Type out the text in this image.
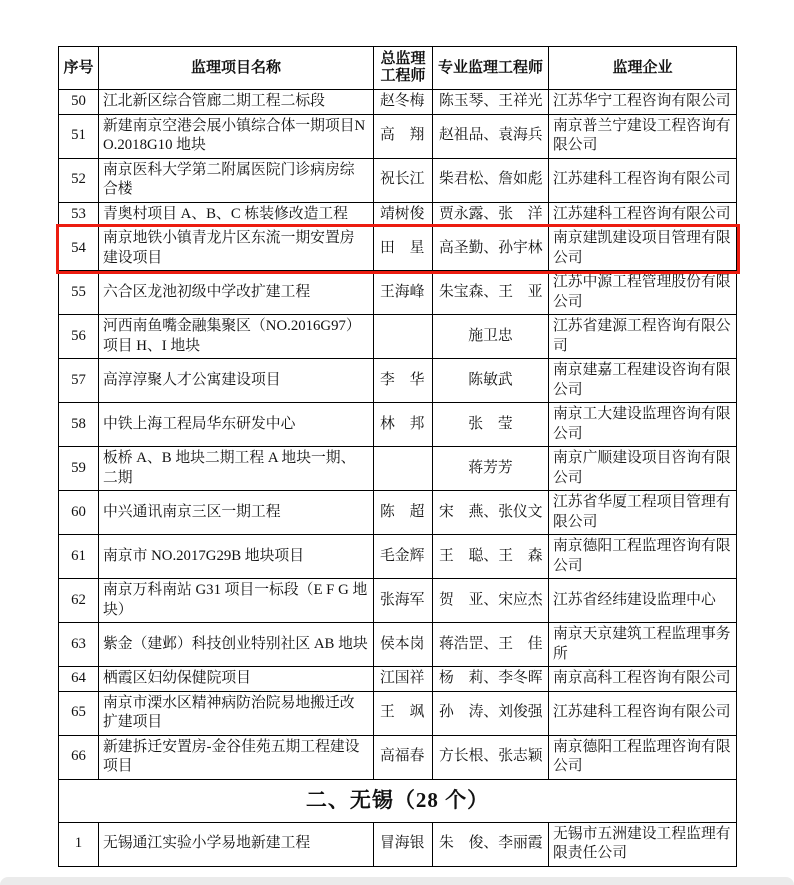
序号	监理项目名称	总监理工程师	专业监理工程师	监理企业
50	江北新区综合管廊二期工程二标段	赵冬梅	陈玉琴、王祥光	江苏华宁工程咨询有限公司
51	新建南京空港会展小镇综合体一期项目NO.2018G10 地块	高　翔	赵祖品、袁海兵	南京普兰宁建设工程咨询有限公司
52	南京医科大学第二附属医院门诊病房综合楼	祝长江	柴君松、詹如彪	江苏建科工程咨询有限公司
53	青奥村项目 A、B、C 栋装修改造工程	靖树俊	贾永露、张　洋	江苏建科工程咨询有限公司
54	南京地铁小镇青龙片区东流一期安置房建设项目	田　星	高圣勤、孙宇林	南京建凯建设项目管理有限公司
55	六合区龙池初级中学改扩建工程	王海峰	朱宝森、王　亚	江苏中源工程管理股份有限公司
56	河西南鱼嘴金融集聚区（NO.2016G97）项目 H、I 地块		施卫忠	江苏省建源工程咨询有限公司
57	高淳淳聚人才公寓建设项目	李　华	陈敏武	南京建嘉工程建设咨询有限公司
58	中铁上海工程局华东研发中心	林　邦	张　莹	南京工大建设监理咨询有限公司
59	板桥 A、B 地块二期工程 A 地块一期、二期		蒋芳芳	南京广顺建设项目咨询有限公司
60	中兴通讯南京三区一期工程	陈　超	宋　燕、张仪文	江苏省华厦工程项目管理有限公司
61	南京市 NO.2017G29B 地块项目	毛金辉	王　聪、王　森	南京德阳工程监理咨询有限公司
62	南京万科南站 G31 项目一标段（E F G 地块）	张海军	贺　亚、宋应杰	江苏省经纬建设监理中心
63	紫金（建邺）科技创业特别社区 AB 地块	侯本岗	蒋浩罡、王　佳	南京天京建筑工程监理事务所
64	栖霞区妇幼保健院项目	江国祥	杨　莉、李冬晖	南京高科工程咨询有限公司
65	南京市溧水区精神病防治院易地搬迁改扩建项目	王　飒	孙　涛、刘俊强	江苏建科工程咨询有限公司
66	新建拆迁安置房-金谷佳苑五期工程建设项目	高福春	方长根、张志颖	南京德阳工程监理咨询有限公司
二、无锡（28 个）				
1	无锡通江实验小学易地新建工程	冒海银	朱　俊、李丽霞	无锡市五洲建设工程监理有限责任公司
